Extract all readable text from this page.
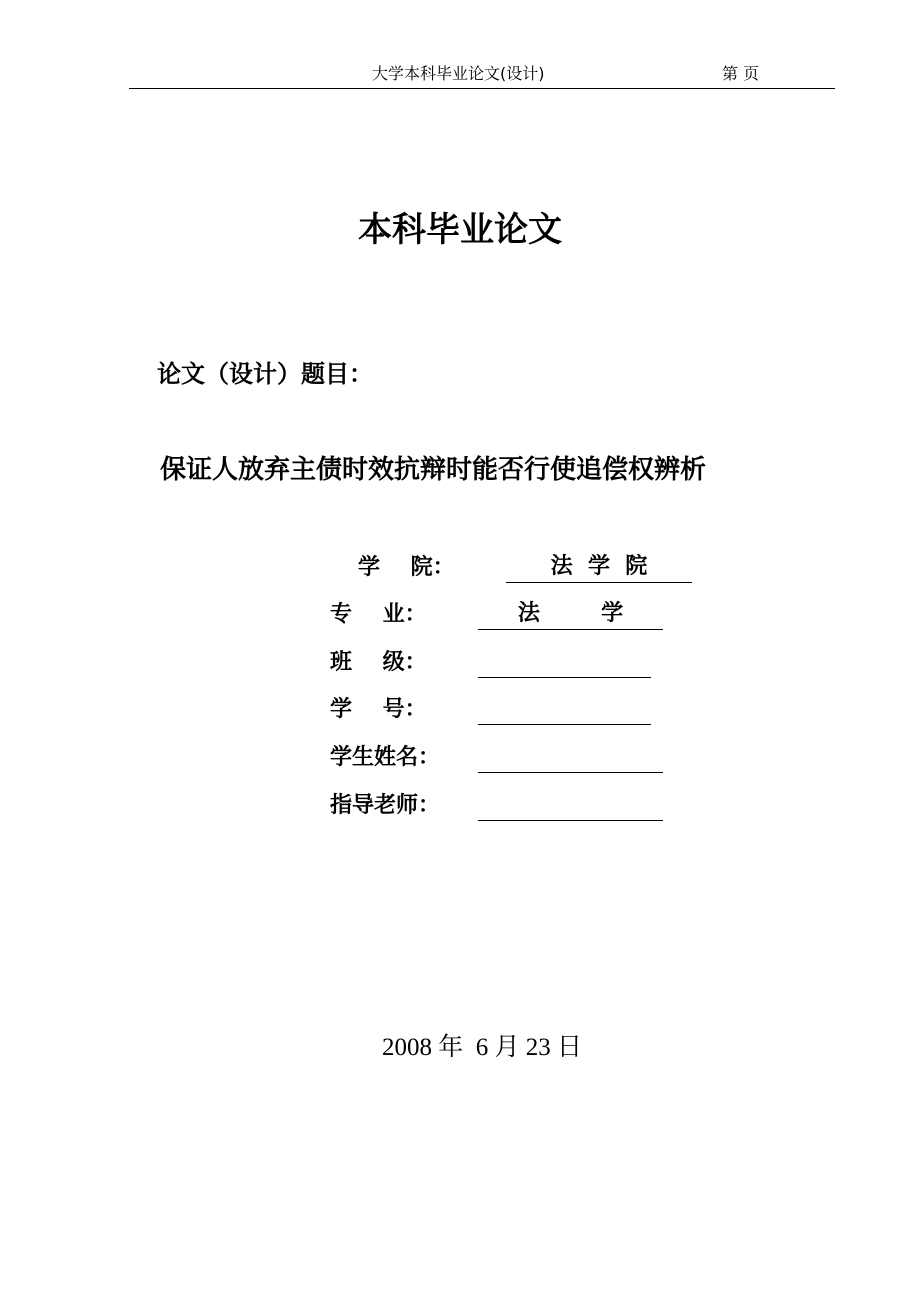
大学本科毕业论文(设计)	第 页
本科毕业论文
论文（设计）题目：
保证人放弃主债时效抗辩时能否行使追偿权辨析
学    院：	法  学  院
专    业：	法        学
班    级：
学    号：
学生姓名：
指导老师：
2008 年  6 月 23 日
